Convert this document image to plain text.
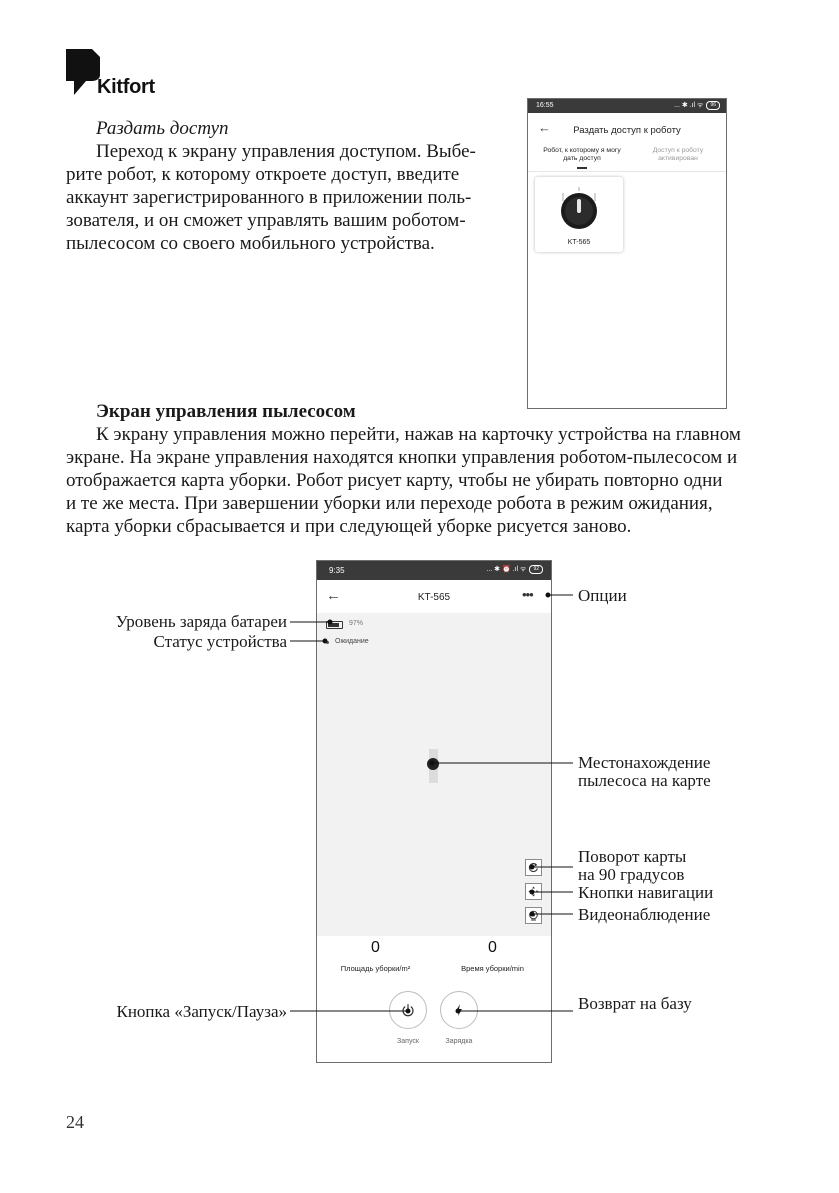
Kitfort
Раздать доступ
Переход к экрану управления доступом. Выбе-
рите робот, к которому откроете доступ, введите
аккаунт зарегистрированного в приложении поль-
зователя, и он сможет управлять вашим роботом-
пылесосом со своего мобильного устройства.
16:55	... ✱ .ıl ᯤ	96
←	Раздать доступ к роботу
Робот, к которому я могу дать доступ
Доступ к роботу активирован
KT-565
Экран управления пылесосом
К экрану управления можно перейти, нажав на карточку устройства на главном
экране. На экране управления находятся кнопки управления роботом-пылесосом и
отображается карта уборки. Робот рисует карту, чтобы не убирать повторно одни
и те же места. При завершении уборки или переходе робота в режим ожидания,
карта уборки сбрасывается и при следующей уборке рисуется заново.
9:35	... ✱ ⏰ .ıl ᯤ	92
←	KT-565	•••
97%
Ожидание
0
Площадь уборки/m²
0
Время уборки/min
Запуск	Зарядка
Опции
Уровень заряда батареи
Статус устройства
Местонахождение
пылесоса на карте
Поворот карты
на 90 градусов
Кнопки навигации
Видеонаблюдение
Кнопка «Запуск/Пауза»	Возврат на базу
24
